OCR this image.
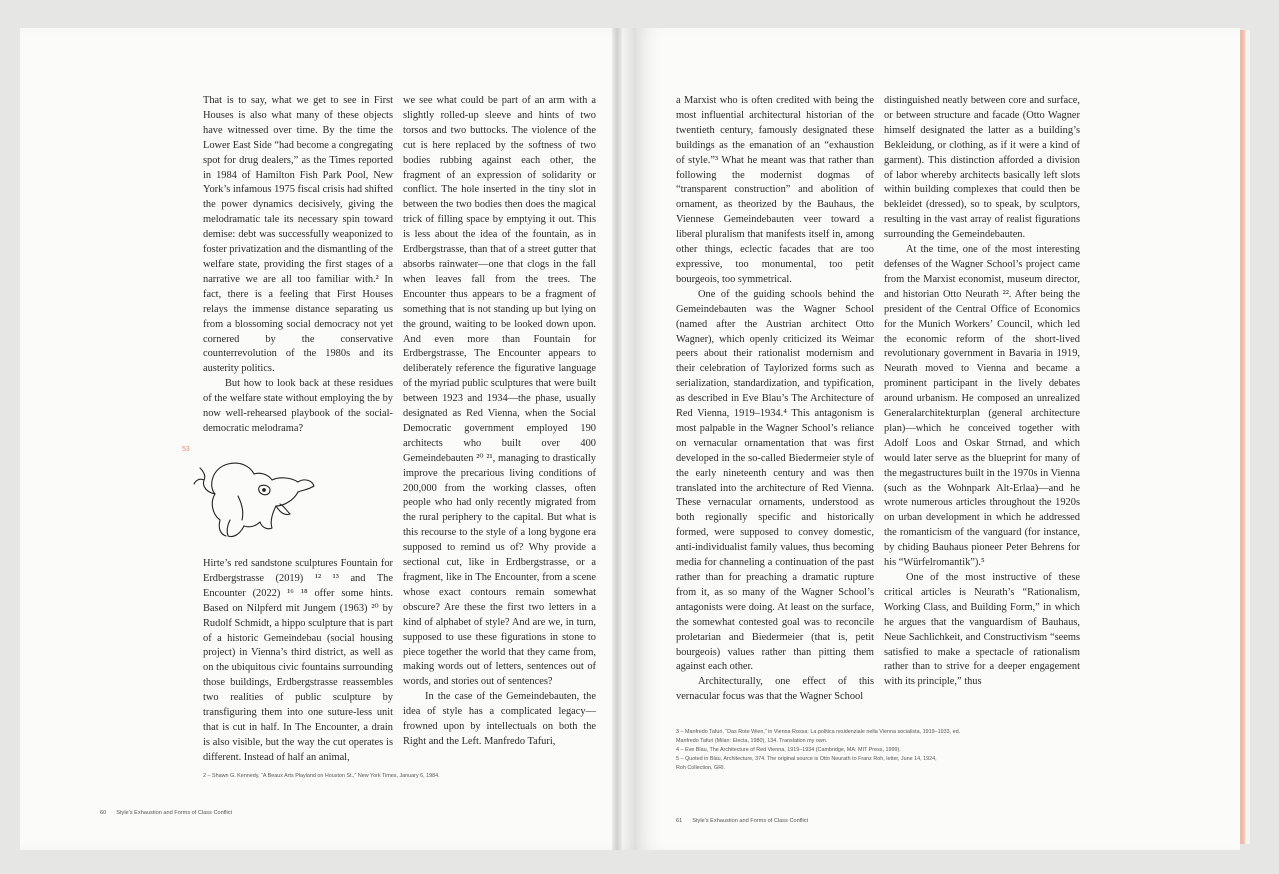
That is to say, what we get to see in First Houses is also what many of these objects have witnessed over time. By the time the Lower East Side “had become a congregating spot for drug dealers,” as the Times reported in 1984 of Hamilton Fish Park Pool, New York’s infamous 1975 fiscal crisis had shifted the power dynamics decisively, giving the melodramatic tale its necessary spin toward demise: debt was successfully weaponized to foster privatization and the dismantling of the welfare state, providing the first stages of a narrative we are all too familiar with.² In fact, there is a feeling that First Houses relays the immense distance separating us from a blossoming social democracy not yet cornered by the conservative counterrevolution of the 1980s and its austerity politics.

But how to look back at these residues of the welfare state without employing the by now well-rehearsed playbook of the social-democratic melodrama?

53

Hirte’s red sandstone sculptures Fountain for Erdbergstrasse (2019) ¹² ¹³ and The Encounter (2022) ¹⁶ ¹⁸ offer some hints. Based on Nilpferd mit Jungem (1963) ²⁰ by Rudolf Schmidt, a hippo sculpture that is part of a historic Gemeindebau (social housing project) in Vienna’s third district, as well as on the ubiquitous civic fountains surrounding those buildings, Erdbergstrasse reassembles two realities of public sculpture by transfiguring them into one suture-less unit that is cut in half. In The Encounter, a drain is also visible, but the way the cut operates is different. Instead of half an animal,

we see what could be part of an arm with a slightly rolled-up sleeve and hints of two torsos and two buttocks. The violence of the cut is here replaced by the softness of two bodies rubbing against each other, the fragment of an expression of solidarity or conflict. The hole inserted in the tiny slot in between the two bodies then does the magical trick of filling space by emptying it out. This is less about the idea of the fountain, as in Erdbergstrasse, than that of a street gutter that absorbs rainwater—one that clogs in the fall when leaves fall from the trees. The Encounter thus appears to be a fragment of something that is not standing up but lying on the ground, waiting to be looked down upon. And even more than Fountain for Erdbergstrasse, The Encounter appears to deliberately reference the figurative language of the myriad public sculptures that were built between 1923 and 1934—the phase, usually designated as Red Vienna, when the Social Democratic government employed 190 architects who built over 400 Gemeindebauten ²⁰ ²¹, managing to drastically improve the precarious living conditions of 200,000 from the working classes, often people who had only recently migrated from the rural periphery to the capital. But what is this recourse to the style of a long bygone era supposed to remind us of? Why provide a sectional cut, like in Erdbergstrasse, or a fragment, like in The Encounter, from a scene whose exact contours remain somewhat obscure? Are these the first two letters in a kind of alphabet of style? And are we, in turn, supposed to use these figurations in stone to piece together the world that they came from, making words out of letters, sentences out of words, and stories out of sentences?

In the case of the Gemeindebauten, the idea of style has a complicated legacy—frowned upon by intellectuals on both the Right and the Left. Manfredo Tafuri,

2 – Shawn G. Kennedy, “A Beaux Arts Playland on Houston St.,” New York Times, January 6, 1984.
60 Style’s Exhaustion and Forms of Class Conflict

a Marxist who is often credited with being the most influential architectural historian of the twentieth century, famously designated these buildings as the emanation of an “exhaustion of style.”³ What he meant was that rather than following the modernist dogmas of “transparent construction” and abolition of ornament, as theorized by the Bauhaus, the Viennese Gemeindebauten veer toward a liberal pluralism that manifests itself in, among other things, eclectic facades that are too expressive, too monumental, too petit bourgeois, too symmetrical.

One of the guiding schools behind the Gemeindebauten was the Wagner School (named after the Austrian architect Otto Wagner), which openly criticized its Weimar peers about their rationalist modernism and their celebration of Taylorized forms such as serialization, standardization, and typification, as described in Eve Blau’s The Architecture of Red Vienna, 1919–1934.⁴ This antagonism is most palpable in the Wagner School’s reliance on vernacular ornamentation that was first developed in the so-called Biedermeier style of the early nineteenth century and was then translated into the architecture of Red Vienna. These vernacular ornaments, understood as both regionally specific and historically formed, were supposed to convey domestic, anti-individualist family values, thus becoming media for channeling a continuation of the past rather than for preaching a dramatic rupture from it, as so many of the Wagner School’s antagonists were doing. At least on the surface, the somewhat contested goal was to reconcile proletarian and Biedermeier (that is, petit bourgeois) values rather than pitting them against each other.

Architecturally, one effect of this vernacular focus was that the Wagner School

distinguished neatly between core and surface, or between structure and facade (Otto Wagner himself designated the latter as a building’s Bekleidung, or clothing, as if it were a kind of garment). This distinction afforded a division of labor whereby architects basically left slots within building complexes that could then be bekleidet (dressed), so to speak, by sculptors, resulting in the vast array of realist figurations surrounding the Gemeindebauten.

At the time, one of the most interesting defenses of the Wagner School’s project came from the Marxist economist, museum director, and historian Otto Neurath ²². After being the president of the Central Office of Economics for the Munich Workers’ Council, which led the economic reform of the short-lived revolutionary government in Bavaria in 1919, Neurath moved to Vienna and became a prominent participant in the lively debates around urbanism. He composed an unrealized Generalarchitekturplan (general architecture plan)—which he conceived together with Adolf Loos and Oskar Strnad, and which would later serve as the blueprint for many of the megastructures built in the 1970s in Vienna (such as the Wohnpark Alt-Erlaa)—and he wrote numerous articles throughout the 1920s on urban development in which he addressed the romanticism of the vanguard (for instance, by chiding Bauhaus pioneer Peter Behrens for his “Würfelromantik”).⁵

One of the most instructive of these critical articles is Neurath’s “Rationalism, Working Class, and Building Form,” in which he argues that the vanguardism of Bauhaus, Neue Sachlichkeit, and Constructivism “seems satisfied to make a spectacle of rationalism rather than to strive for a deeper engagement with its principle,” thus

3 – Manfredo Tafuri, “Das Rote Wien,” in Vienna Rossa: La politica residenziale nella Vienna socialista, 1919–1933, ed.
Manfredo Tafuri (Milan: Electa, 1980), 134. Translation my own.
4 – Eve Blau, The Architecture of Red Vienna, 1919–1934 (Cambridge, MA: MIT Press, 1999).
5 – Quoted in Blau, Architecture, 374. The original source is Otto Neurath to Franz Roh, letter, June 14, 1924,
Roh Collection, GRI.
61 Style’s Exhaustion and Forms of Class Conflict
